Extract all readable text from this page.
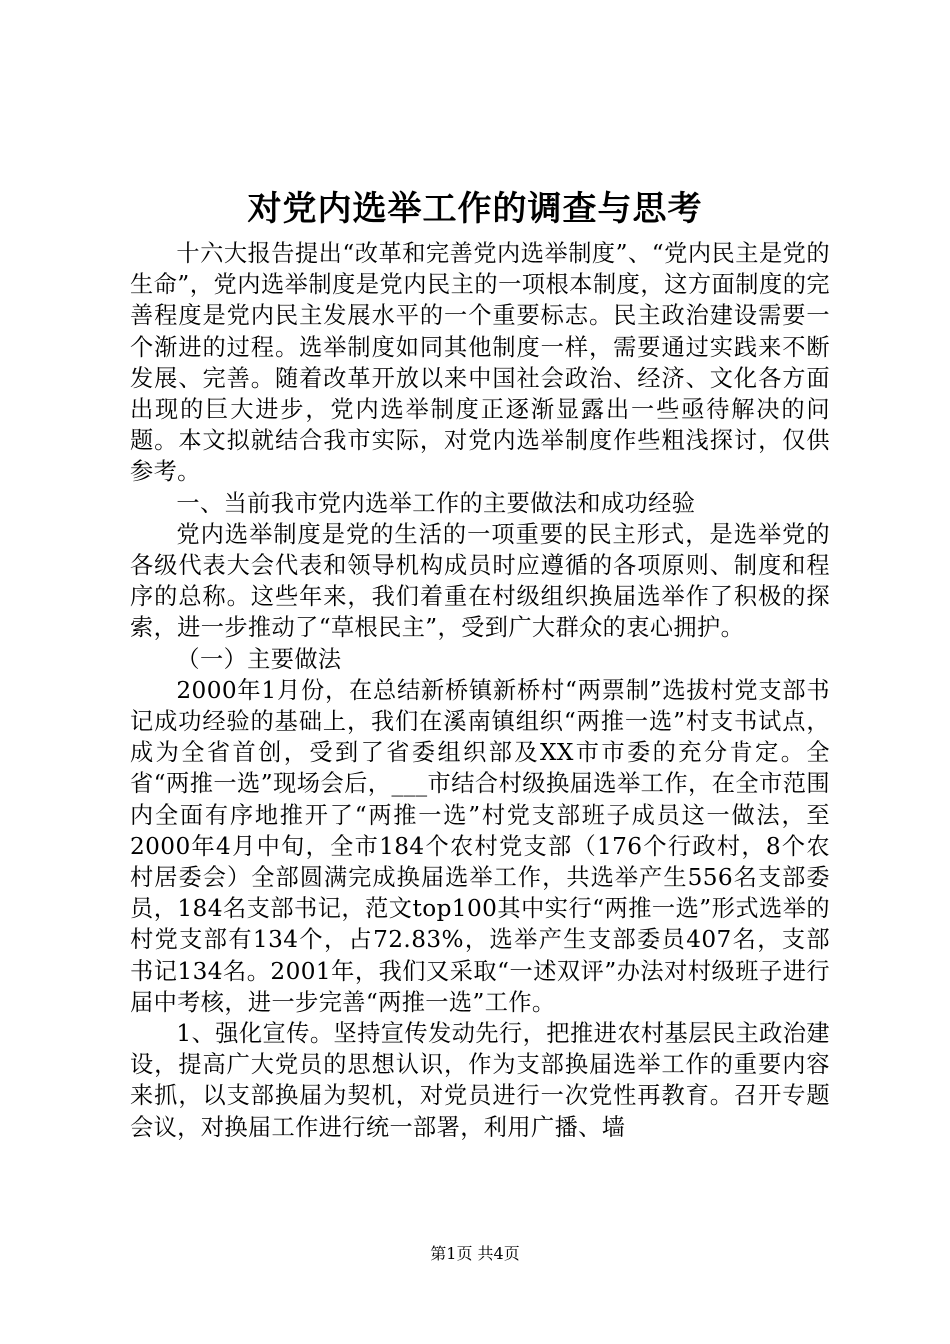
对党内选举工作的调查与思考

十六大报告提出“改革和完善党内选举制度”、“党内民主是党的生命”，党内选举制度是党内民主的一项根本制度，这方面制度的完善程度是党内民主发展水平的一个重要标志。民主政治建设需要一个渐进的过程。选举制度如同其他制度一样，需要通过实践来不断发展、完善。随着改革开放以来中国社会政治、经济、文化各方面出现的巨大进步，党内选举制度正逐渐显露出一些亟待解决的问题。本文拟就结合我市实际，对党内选举制度作些粗浅探讨，仅供参考。

一、当前我市党内选举工作的主要做法和成功经验

党内选举制度是党的生活的一项重要的民主形式，是选举党的各级代表大会代表和领导机构成员时应遵循的各项原则、制度和程序的总称。这些年来，我们着重在村级组织换届选举作了积极的探索，进一步推动了“草根民主”，受到广大群众的衷心拥护。

（一）主要做法

2000年1月份，在总结新桥镇新桥村“两票制”选拔村党支部书记成功经验的基础上，我们在溪南镇组织“两推一选”村支书试点，成为全省首创，受到了省委组织部及XX市市委的充分肯定。全省“两推一选”现场会后，___市结合村级换届选举工作，在全市范围内全面有序地推开了“两推一选”村党支部班子成员这一做法，至2000年4月中旬，全市184个农村党支部（176个行政村，8个农村居委会）全部圆满完成换届选举工作，共选举产生556名支部委员，184名支部书记，范文top100其中实行“两推一选”形式选举的村党支部有134个，占72.83%，选举产生支部委员407名，支部书记134名。2001年，我们又采取“一述双评”办法对村级班子进行届中考核，进一步完善“两推一选”工作。

1、强化宣传。坚持宣传发动先行，把推进农村基层民主政治建设，提高广大党员的思想认识，作为支部换届选举工作的重要内容来抓，以支部换届为契机，对党员进行一次党性再教育。召开专题会议，对换届工作进行统一部署，利用广播、墙

第1页 共4页
